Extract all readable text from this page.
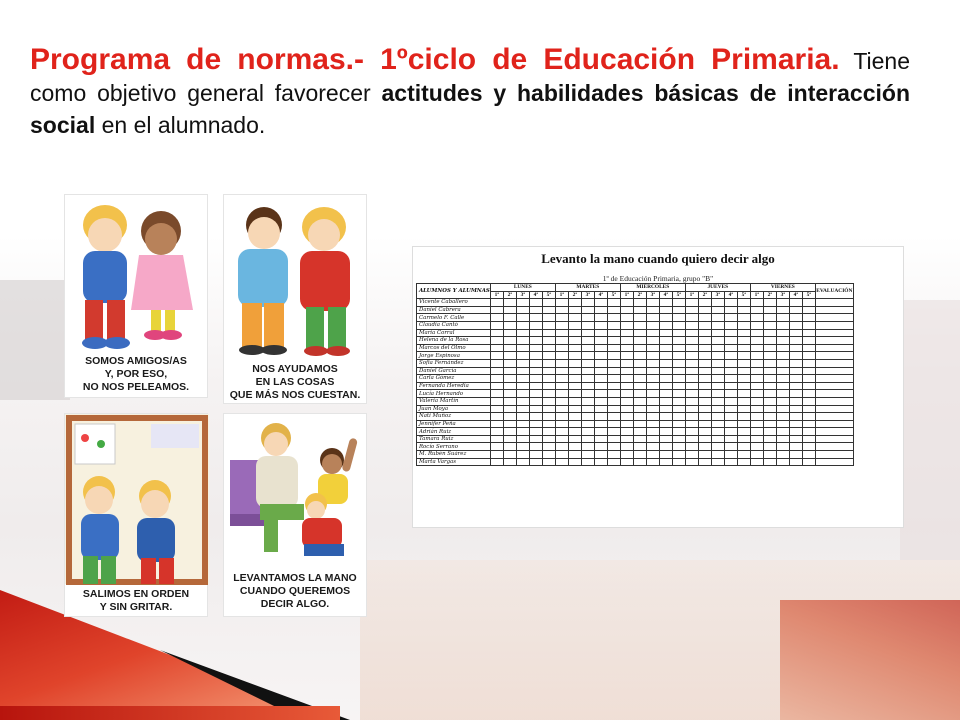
Programa de normas.- 1ºciclo de Educación Primaria. Tiene como objetivo general favorecer actitudes y habilidades básicas de interacción social en el alumnado.
SOMOS AMIGOS/AS
Y, POR ESO,
NO NOS PELEAMOS.
NOS AYUDAMOS
EN LAS COSAS
QUE MÁS NOS CUESTAN.
SALIMOS EN ORDEN
Y SIN GRITAR.
LEVANTAMOS LA MANO
CUANDO QUEREMOS
DECIR ALGO.
Levanto la mano cuando quiero decir algo
1º de Educación Primaria, grupo "B"
ALUMNOS Y ALUMNAS	LUNES					MARTES					MIÉRCOLES					JUEVES					VIERNES					EVALUACIÓN
	1ª	2ª	3ª	4ª	5ª	1ª	2ª	3ª	4ª	5ª	1ª	2ª	3ª	4ª	5ª	1ª	2ª	3ª	4ª	5ª	1ª	2ª	3ª	4ª	5ª	
Vicente Caballero																										
Daniel Cabrera																										
Carmelo F. Calle																										
Claudia Cantó																										
Maria Corral																										
Helena de la Rosa																										
Marcos del Olmo																										
Jorge Espinosa																										
Sofía Fernández																										
Daniel García																										
Carla Gómez																										
Fernanda Heredia																										
Lucía Hernando																										
Valeria Martín																										
Juan Moya																										
Nati Muñoz																										
Jennifer Peña																										
Adrián Ruiz																										
Tamara Ruiz																										
Rocío Serrano																										
M. Rubén Suárez																										
Marta Vargas																										
